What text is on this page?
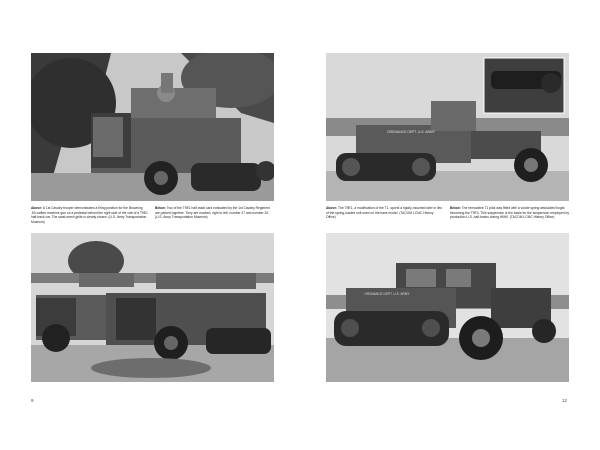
Above: A 1st Cavalry trooper demonstrates a firing position for the Browning .50 caliber machine gun on a pedestal behind the right side of the cab of a T9E1 half-track car. The sand-mesh grille is clearly shown. (U.S. Army Transportation Museum)
Below: Two of the T9E1 half-track cars evaluated by the 1st Cavalry Regiment are parked together. They are marked, right to left, number 27 and number 20. (U.S. Army Transportation Museum)
9
ORDNANCE DEPT. U.S. ARMY
Above: The T9E1, a modification of the T1, sports a rigidly-mounted idler in lieu of the spring-loaded unit used on the base model. (TACOM LCMC History Office)
Below: The removable T1 pilot was fitted with a volute spring articulated bogie, becoming the T9E3. This suspension is the basis for the suspension employed by production U.S. half-tracks during WWII. (TACOM LCMC History Office)
ORDNANCE DEPT. U.S. ARMY
12
